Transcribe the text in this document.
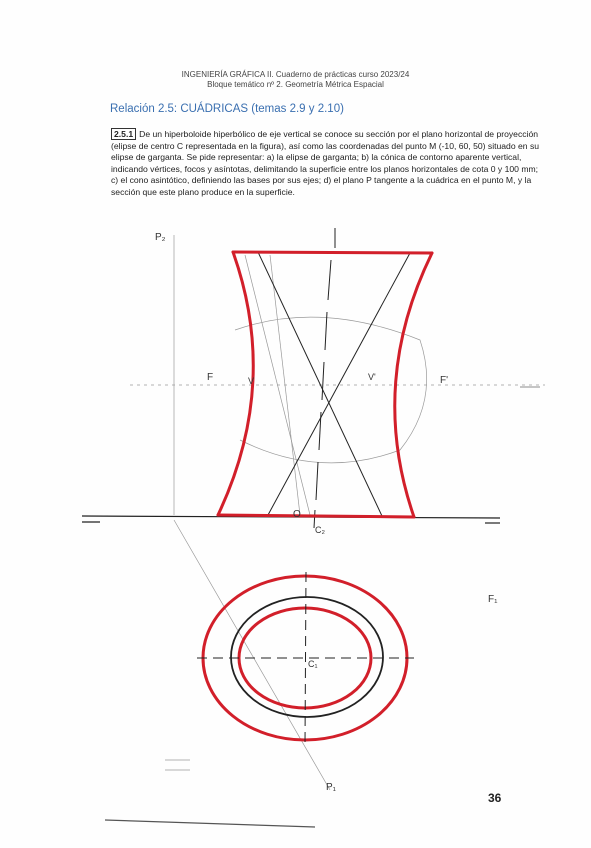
INGENIERÍA GRÁFICA II. Cuaderno de prácticas curso 2023/24
Bloque temático nº 2. Geometría Métrica Espacial
Relación 2.5: CUÁDRICAS (temas 2.9 y 2.10)
2.5.1 De un hiperboloide hiperbólico de eje vertical se conoce su sección por el plano horizontal de proyección (elipse de centro C representada en la figura), así como las coordenadas del punto M (-10, 60, 50) situado en su elipse de garganta. Se pide representar: a) la elipse de garganta; b) la cónica de contorno aparente vertical, indicando vértices, focos y asíntotas, delimitando la superficie entre los planos horizontales de cota 0 y 100 mm; c) el cono asintótico, definiendo las bases por sus ejes; d) el plano P tangente a la cuádrica en el punto M, y la sección que este plano produce en la superficie.
P₂
F	V	V'	F'
O
C₂
F₁
P₁
C₁
36
